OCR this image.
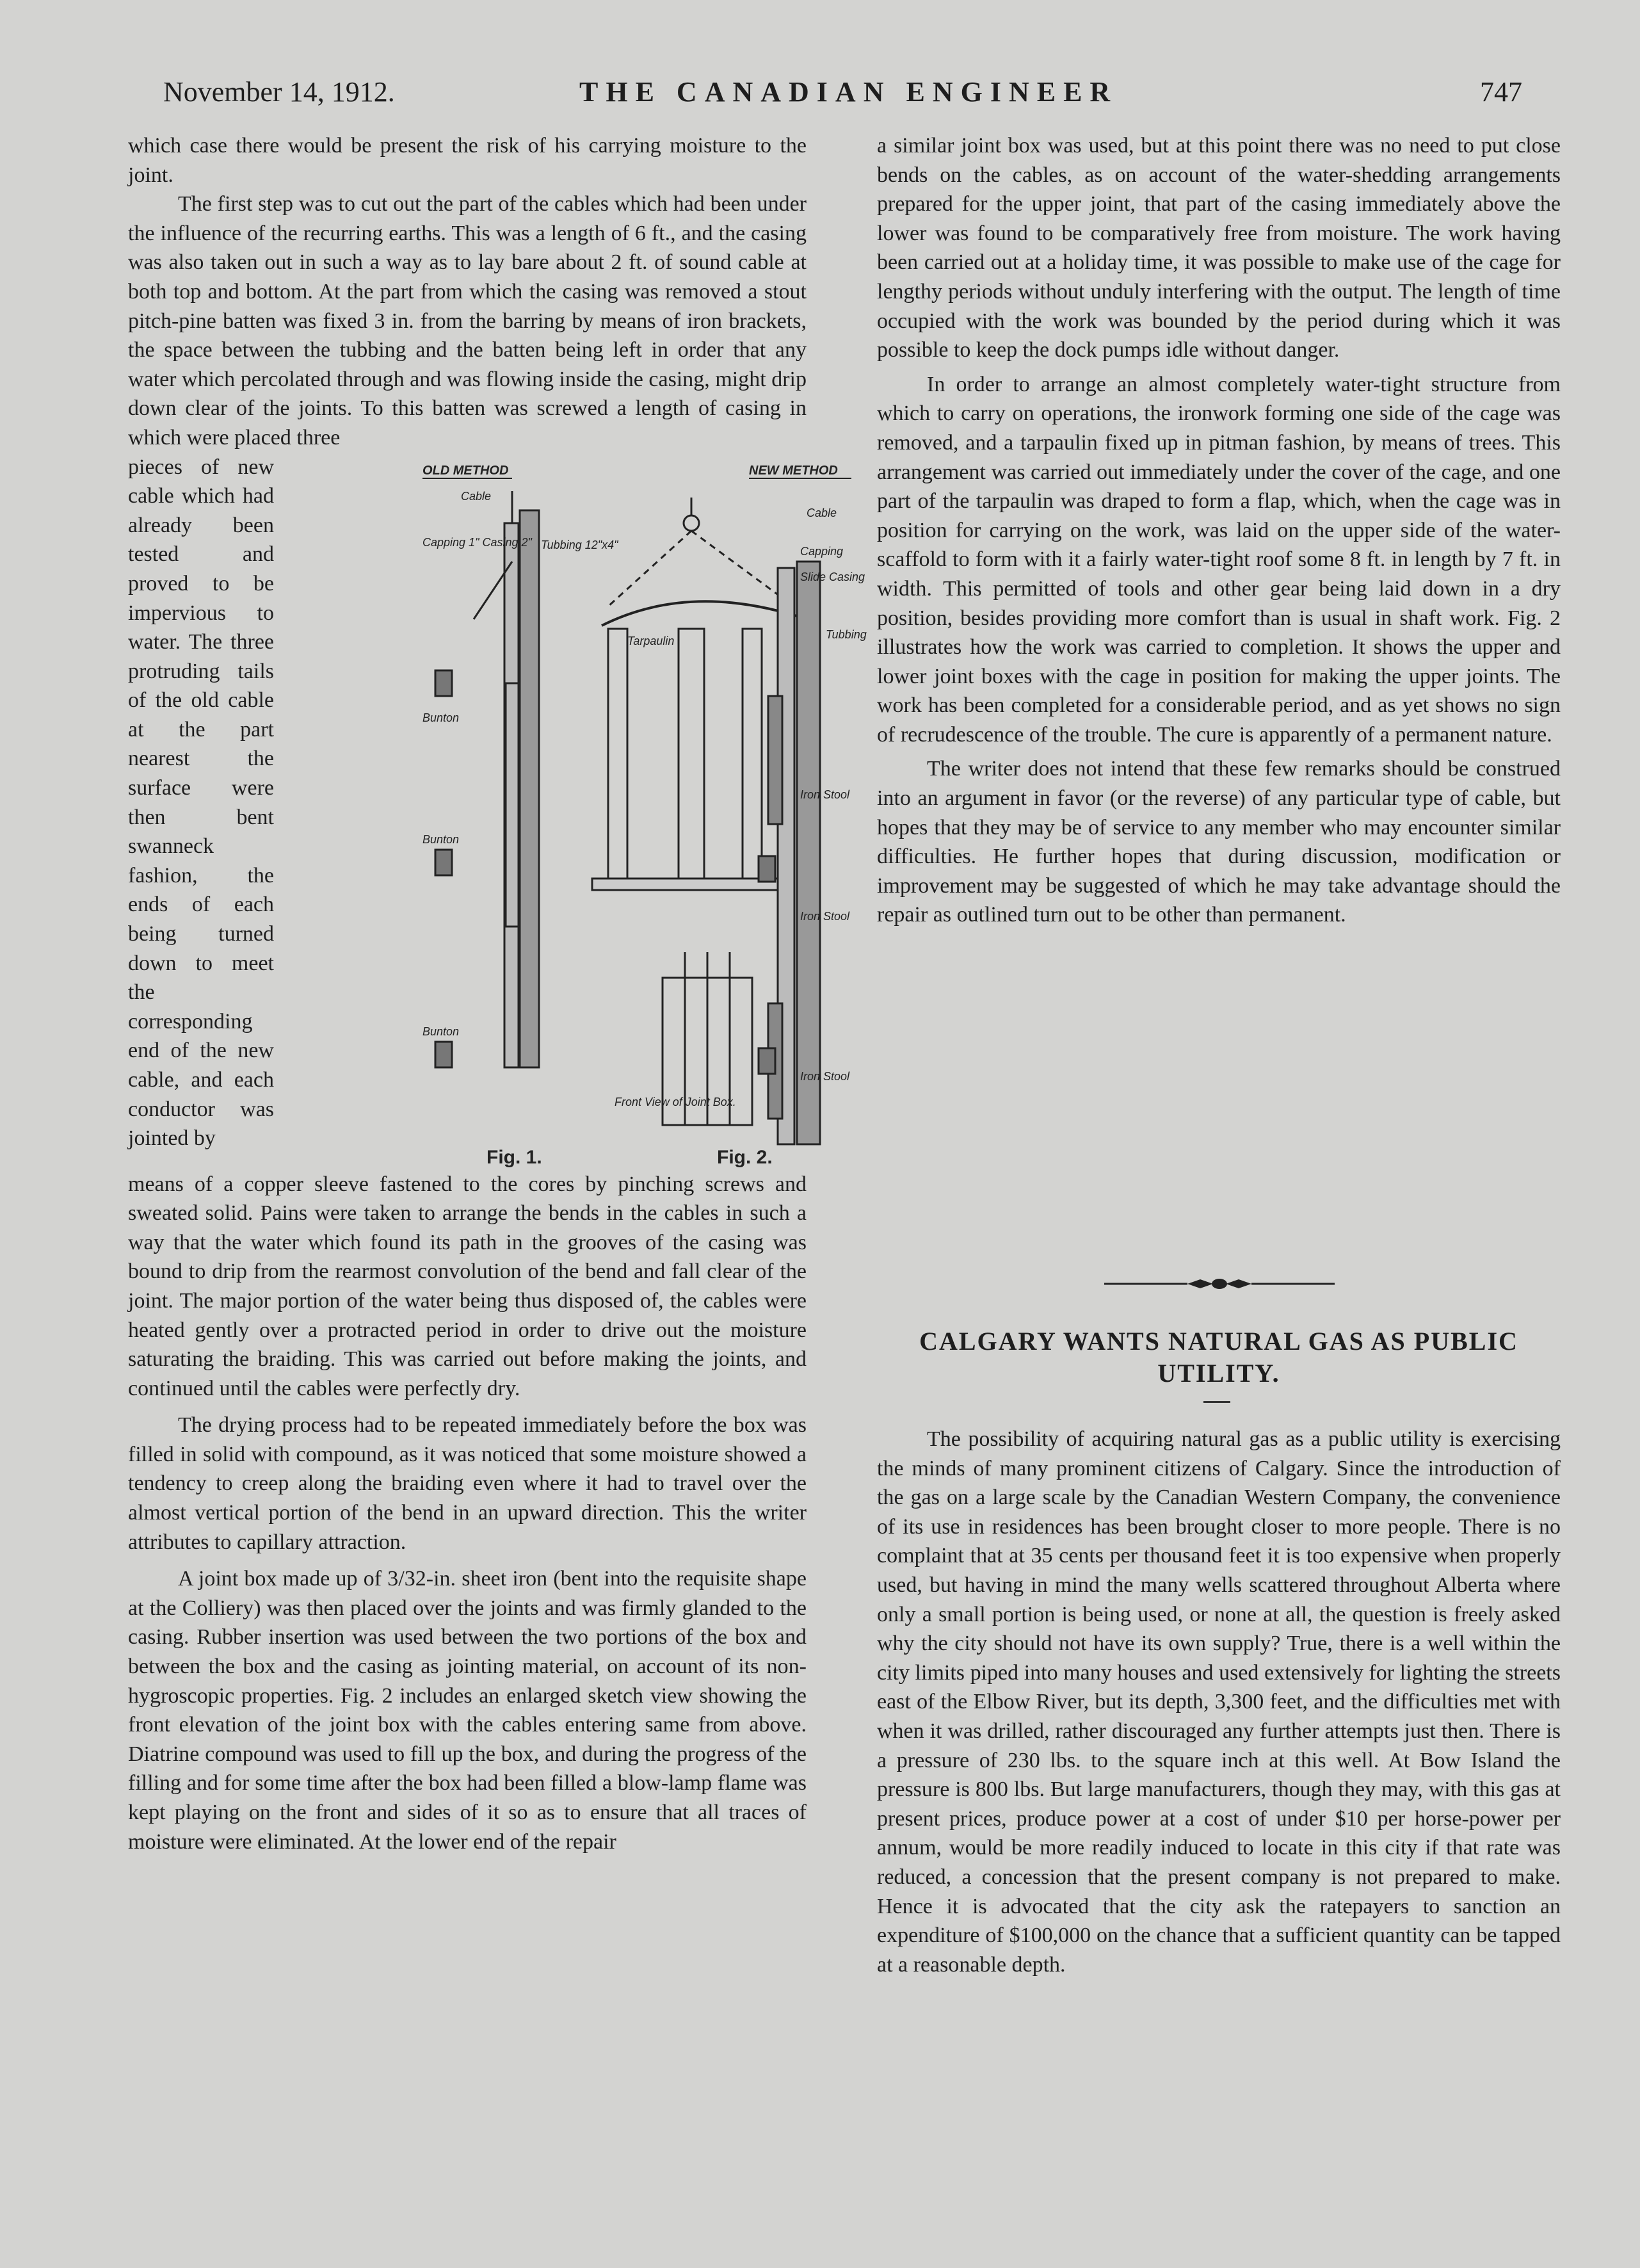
November 14, 1912.	THE CANADIAN ENGINEER	747

which case there would be present the risk of his carrying moisture to the joint.

The first step was to cut out the part of the cables which had been under the influence of the recurring earths. This was a length of 6 ft., and the casing was also taken out in such a way as to lay bare about 2 ft. of sound cable at both top and bottom. At the part from which the casing was removed a stout pitch-pine batten was fixed 3 in. from the barring by means of iron brackets, the space between the tubbing and the batten being left in order that any water which percolated through and was flowing inside the casing, might drip down clear of the joints. To this batten was screwed a length of casing in which were placed three

pieces of new cable which had already been tested and proved to be impervious to water. The three protruding tails of the old cable at the part nearest the surface were then bent swanneck fashion, the ends of each being turned down to meet the corresponding end of the new cable, and each conductor was jointed by

OLD METHOD
Cable
Capping 1" Casing 2" Tubbing 12"x4"
Bunton
Bunton
Bunton
NEW METHOD
Cable
Capping
Slide Casing
Tubbing
Tarpaulin
Iron Stool
Iron Stool
Iron Stool
Front View of Joint Box.
Fig. 1.	Fig. 2.

means of a copper sleeve fastened to the cores by pinching screws and sweated solid. Pains were taken to arrange the bends in the cables in such a way that the water which found its path in the grooves of the casing was bound to drip from the rearmost convolution of the bend and fall clear of the joint. The major portion of the water being thus disposed of, the cables were heated gently over a protracted period in order to drive out the moisture saturating the braiding. This was carried out before making the joints, and continued until the cables were perfectly dry.

The drying process had to be repeated immediately before the box was filled in solid with compound, as it was noticed that some moisture showed a tendency to creep along the braiding even where it had to travel over the almost vertical portion of the bend in an upward direction. This the writer attributes to capillary attraction.

A joint box made up of 3/32-in. sheet iron (bent into the requisite shape at the Colliery) was then placed over the joints and was firmly glanded to the casing. Rubber insertion was used between the two portions of the box and between the box and the casing as jointing material, on account of its non-hygroscopic properties. Fig. 2 includes an enlarged sketch view showing the front elevation of the joint box with the cables entering same from above. Diatrine compound was used to fill up the box, and during the progress of the filling and for some time after the box had been filled a blow-lamp flame was kept playing on the front and sides of it so as to ensure that all traces of moisture were eliminated. At the lower end of the repair

a similar joint box was used, but at this point there was no need to put close bends on the cables, as on account of the water-shedding arrangements prepared for the upper joint, that part of the casing immediately above the lower was found to be comparatively free from moisture. The work having been carried out at a holiday time, it was possible to make use of the cage for lengthy periods without unduly interfering with the output. The length of time occupied with the work was bounded by the period during which it was possible to keep the dock pumps idle without danger.

In order to arrange an almost completely water-tight structure from which to carry on operations, the ironwork forming one side of the cage was removed, and a tarpaulin fixed up in pitman fashion, by means of trees. This arrangement was carried out immediately under the cover of the cage, and one part of the tarpaulin was draped to form a flap, which, when the cage was in position for carrying on the work, was laid on the upper side of the water-scaffold to form with it a fairly water-tight roof some 8 ft. in length by 7 ft. in width. This permitted of tools and other gear being laid down in a dry position, besides providing more comfort than is usual in shaft work. Fig. 2 illustrates how the work was carried to completion. It shows the upper and lower joint boxes with the cage in position for making the upper joints. The work has been completed for a considerable period, and as yet shows no sign of recrudescence of the trouble. The cure is apparently of a permanent nature.

The writer does not intend that these few remarks should be construed into an argument in favor (or the reverse) of any particular type of cable, but hopes that they may be of service to any member who may encounter similar difficulties. He further hopes that during discussion, modification or improvement may be suggested of which he may take advantage should the repair as outlined turn out to be other than permanent.

CALGARY WANTS NATURAL GAS AS PUBLIC UTILITY.

The possibility of acquiring natural gas as a public utility is exercising the minds of many prominent citizens of Calgary. Since the introduction of the gas on a large scale by the Canadian Western Company, the convenience of its use in residences has been brought closer to more people. There is no complaint that at 35 cents per thousand feet it is too expensive when properly used, but having in mind the many wells scattered throughout Alberta where only a small portion is being used, or none at all, the question is freely asked why the city should not have its own supply? True, there is a well within the city limits piped into many houses and used extensively for lighting the streets east of the Elbow River, but its depth, 3,300 feet, and the difficulties met with when it was drilled, rather discouraged any further attempts just then. There is a pressure of 230 lbs. to the square inch at this well. At Bow Island the pressure is 800 lbs. But large manufacturers, though they may, with this gas at present prices, produce power at a cost of under $10 per horse-power per annum, would be more readily induced to locate in this city if that rate was reduced, a concession that the present company is not prepared to make. Hence it is advocated that the city ask the ratepayers to sanction an expenditure of $100,000 on the chance that a sufficient quantity can be tapped at a reasonable depth.
